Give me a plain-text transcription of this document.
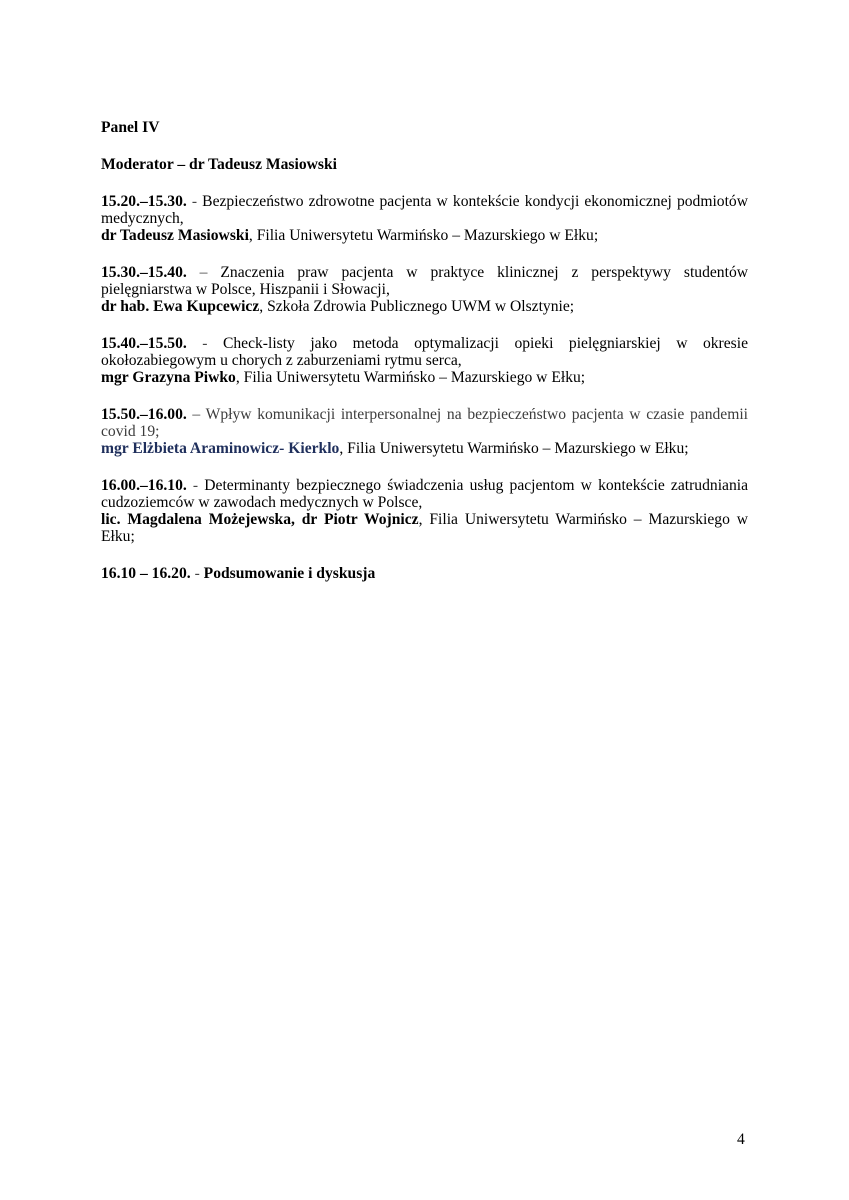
Panel IV

Moderator – dr Tadeusz Masiowski

15.20.–15.30. - Bezpieczeństwo zdrowotne pacjenta w kontekście kondycji ekonomicznej podmiotów medycznych,

dr Tadeusz Masiowski, Filia Uniwersytetu Warmińsko – Mazurskiego w Ełku;

15.30.–15.40. – Znaczenia praw pacjenta w praktyce klinicznej z perspektywy studentów pielęgniarstwa w Polsce, Hiszpanii i Słowacji,

dr hab. Ewa Kupcewicz, Szkoła Zdrowia Publicznego UWM w Olsztynie;

15.40.–15.50. - Check-listy jako metoda optymalizacji opieki pielęgniarskiej w okresie okołozabiegowym u chorych z zaburzeniami rytmu serca,

mgr Grazyna Piwko, Filia Uniwersytetu Warmińsko – Mazurskiego w Ełku;

15.50.–16.00. – Wpływ komunikacji interpersonalnej na bezpieczeństwo pacjenta w czasie pandemii covid 19;

mgr Elżbieta Araminowicz- Kierklo, Filia Uniwersytetu Warmińsko – Mazurskiego w Ełku;

16.00.–16.10. - Determinanty bezpiecznego świadczenia usług pacjentom w kontekście zatrudniania cudzoziemców w zawodach medycznych w Polsce,

lic. Magdalena Możejewska, dr Piotr Wojnicz, Filia Uniwersytetu Warmińsko – Mazurskiego w Ełku;

16.10 – 16.20. - Podsumowanie i dyskusja

4
